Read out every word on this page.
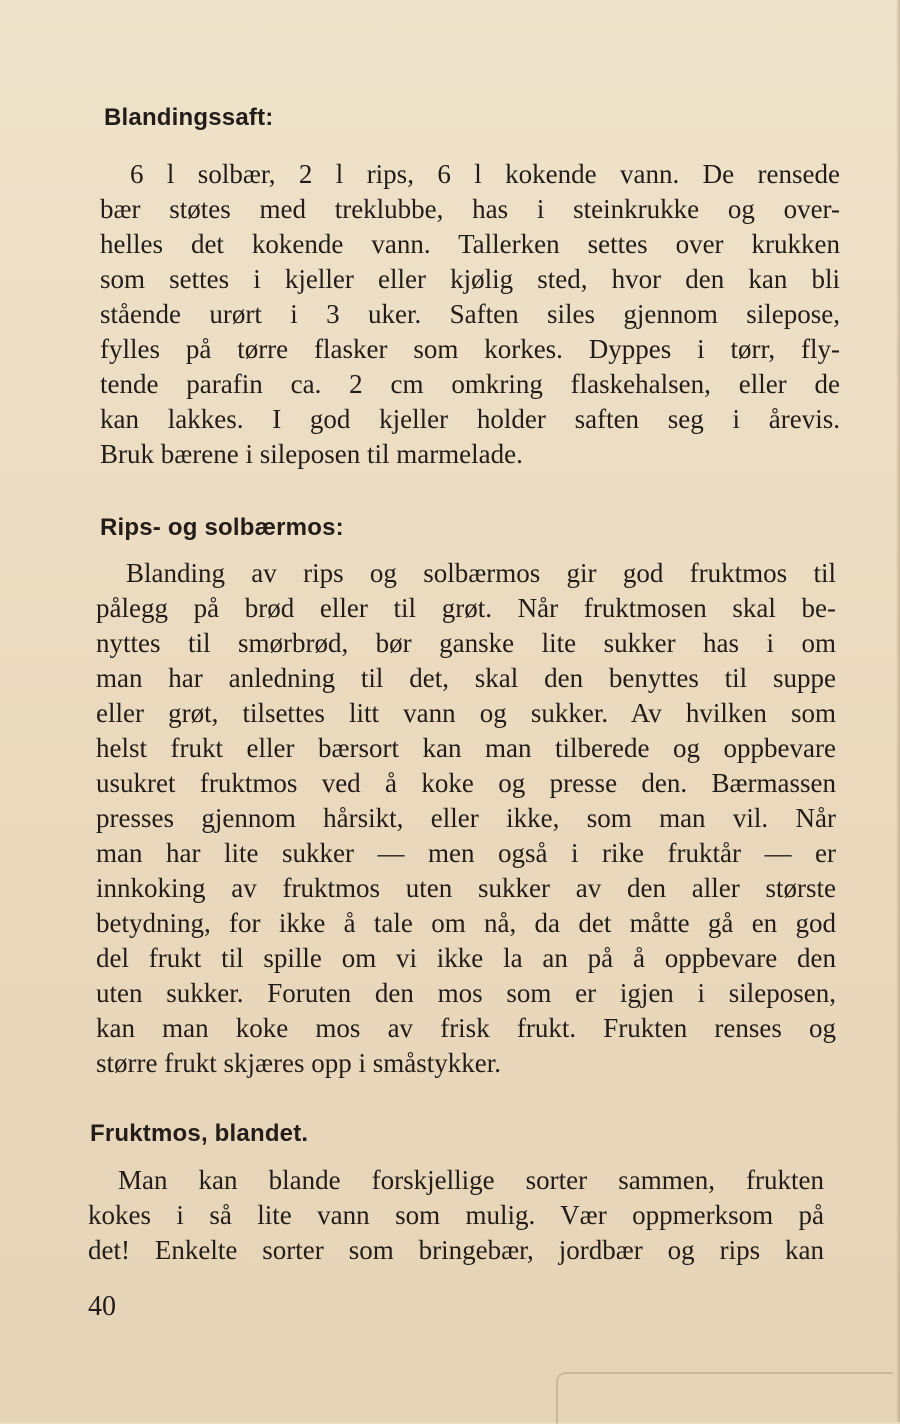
Blandingssaft:
6 l solbær, 2 l rips, 6 l kokende vann. De rensede
bær støtes med treklubbe, has i steinkrukke og over-
helles det kokende vann. Tallerken settes over krukken
som settes i kjeller eller kjølig sted, hvor den kan bli
stående urørt i 3 uker. Saften siles gjennom silepose,
fylles på tørre flasker som korkes. Dyppes i tørr, fly-
tende parafin ca. 2 cm omkring flaskehalsen, eller de
kan lakkes. I god kjeller holder saften seg i årevis.
Bruk bærene i sileposen til marmelade.
Rips- og solbærmos:
Blanding av rips og solbærmos gir god fruktmos til
pålegg på brød eller til grøt. Når fruktmosen skal be-
nyttes til smørbrød, bør ganske lite sukker has i om
man har anledning til det, skal den benyttes til suppe
eller grøt, tilsettes litt vann og sukker. Av hvilken som
helst frukt eller bærsort kan man tilberede og oppbevare
usukret fruktmos ved å koke og presse den. Bærmassen
presses gjennom hårsikt, eller ikke, som man vil. Når
man har lite sukker — men også i rike fruktår — er
innkoking av fruktmos uten sukker av den aller største
betydning, for ikke å tale om nå, da det måtte gå en god
del frukt til spille om vi ikke la an på å oppbevare den
uten sukker. Foruten den mos som er igjen i sileposen,
kan man koke mos av frisk frukt. Frukten renses og
større frukt skjæres opp i småstykker.
Fruktmos, blandet.
Man kan blande forskjellige sorter sammen, frukten
kokes i så lite vann som mulig. Vær oppmerksom på
det! Enkelte sorter som bringebær, jordbær og rips kan
40
